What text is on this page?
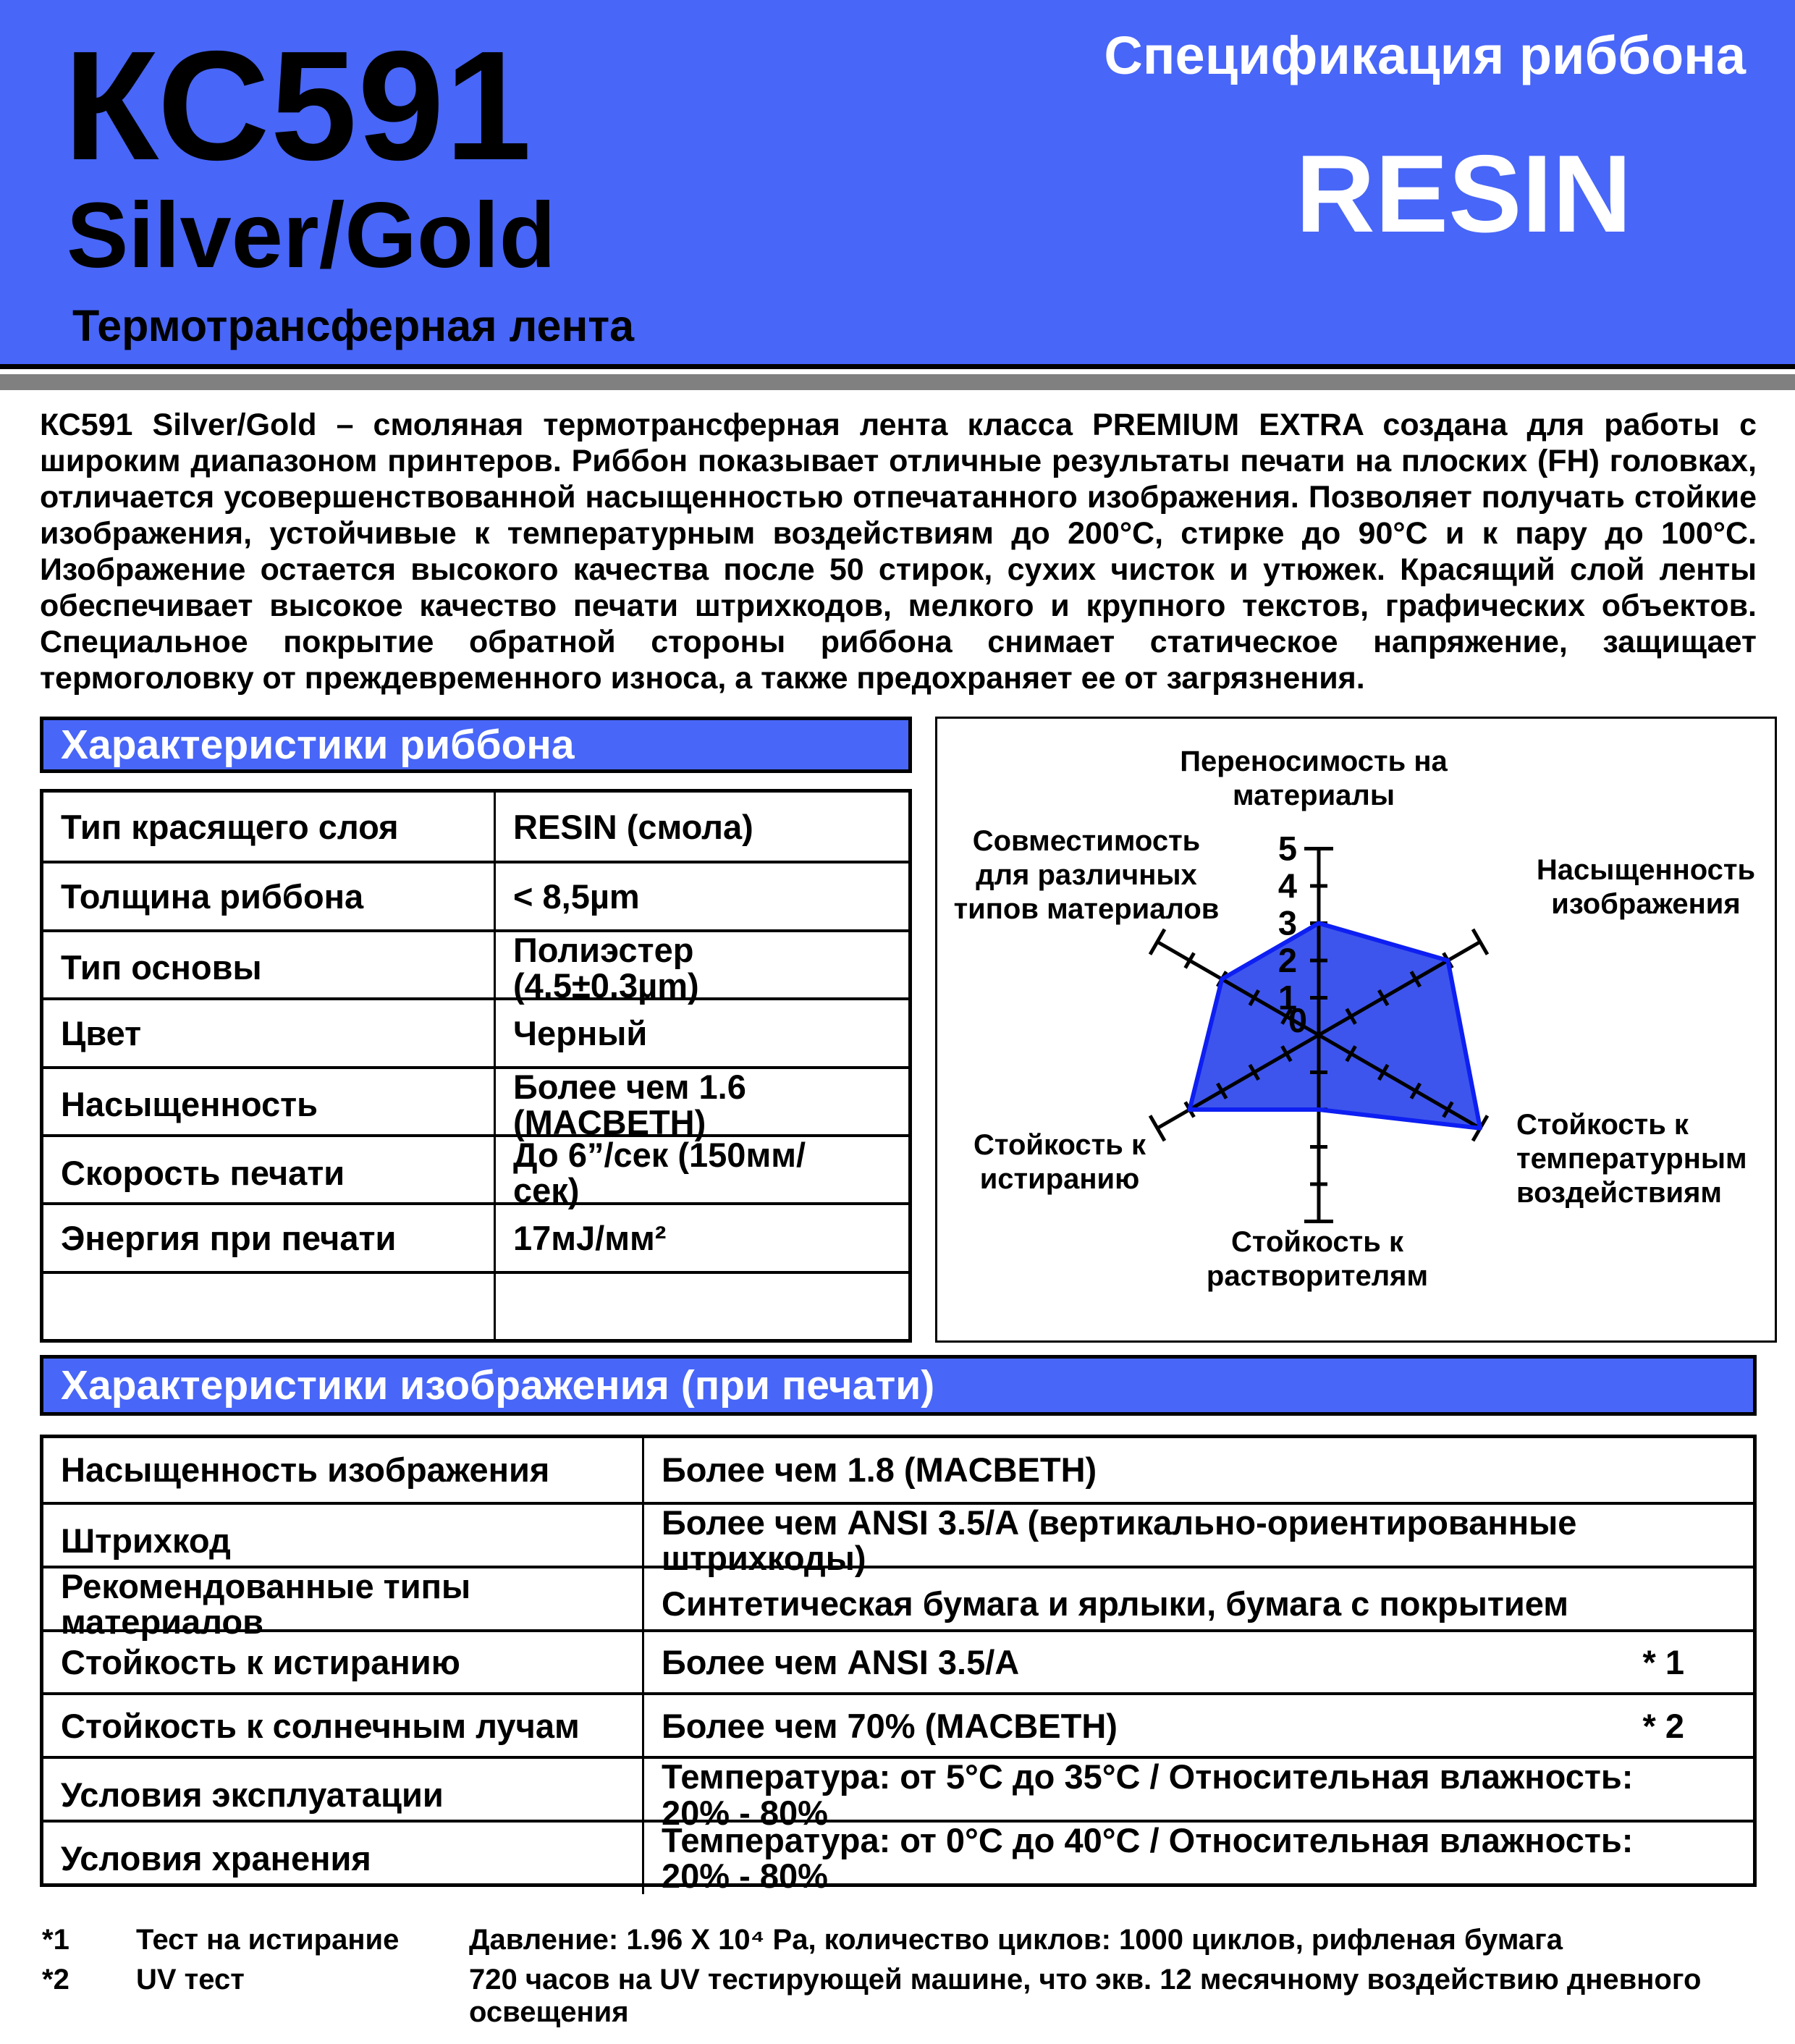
КС591
Silver/Gold
Термотрансферная лента
Спецификация риббона
RESIN

КС591 Silver/Gold – смоляная термотрансферная лента класса PREMIUM EXTRA создана для работы с широким диапазоном принтеров. Риббон показывает отличные результаты печати на плоских (FH) головках, отличается усовершенствованной насыщенностью отпечатанного изображения. Позволяет получать стойкие изображения, устойчивые к температурным воздействиям до 200°С, стирке до 90°С и к пару до 100°С. Изображение остается высокого качества после 50 стирок, сухих чисток и утюжек. Красящий слой ленты обеспечивает высокое качество печати штрихкодов, мелкого и крупного текстов, графических объектов. Специальное покрытие обратной стороны риббона снимает статическое напряжение, защищает термоголовку от преждевременного износа, а также предохраняет ее от загрязнения.

Характеристики риббона
Тип красящего слоя	RESIN (смола)
Толщина риббона	< 8,5µm
Тип основы	Полиэстер (4.5±0.3µm)
Цвет	Черный
Насыщенность	Более чем 1.6 (MACBETH)
Скорость печати	До 6”/сек (150мм/сек)
Энергия при печати	17мJ/мм²
5
4
3
2
1
0
Переносимость на материалы
Насыщенность изображения
Стойкость к температурным воздействиям
Стойкость к растворителям
Стойкость к истиранию
Совместимость для различных типов материалов
Характеристики изображения (при печати)
Насыщенность изображения	Более чем 1.8 (MACBETH)
Штрихкод	Более чем ANSI 3.5/A (вертикально-ориентированные штрихкоды)
Рекомендованные типы материалов	Синтетическая бумага и ярлыки, бумага с покрытием
Стойкость к истиранию	Более чем ANSI 3.5/A	* 1
Стойкость к солнечным лучам	Более чем 70% (MACBETH)	* 2
Условия эксплуатации	Температура: от 5°С до 35°С / Относительная влажность: 20% - 80%
Условия хранения	Температура: от 0°С до 40°С / Относительная влажность: 20% - 80%
*1	Тест на истирание	Давление: 1.96 X 10⁴ Pa, количество циклов: 1000 циклов, рифленая бумага
*2	UV тест	720 часов на UV тестирующей машине, что экв. 12 месячному воздействию дневного освещения
